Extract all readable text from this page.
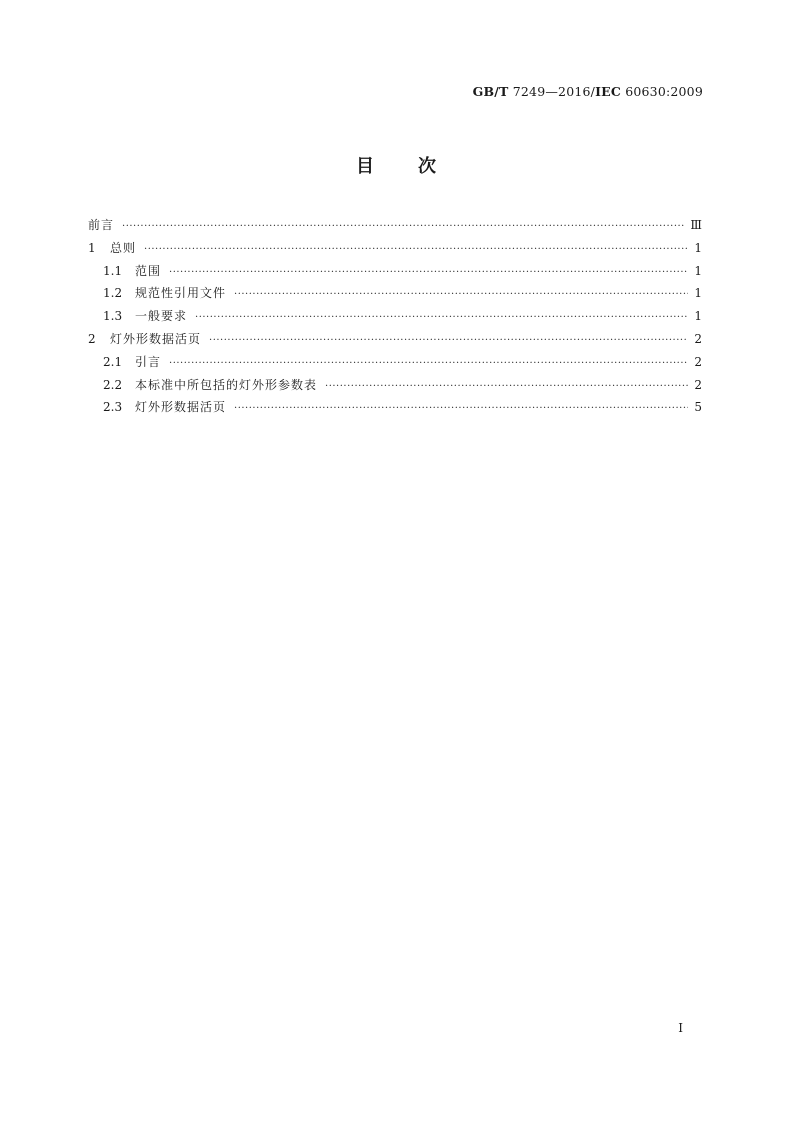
GB/T 7249—2016/IEC 60630:2009
目 次
前言 ·····	Ⅲ
1	总则 ·····	1
1.1	范围 ·····	1
1.2	规范性引用文件 ·····	1
1.3	一般要求 ·····	1
2	灯外形数据活页 ·····	2
2.1	引言 ·····	2
2.2	本标准中所包括的灯外形参数表 ·····	2
2.3	灯外形数据活页 ·····	5
Ⅰ
